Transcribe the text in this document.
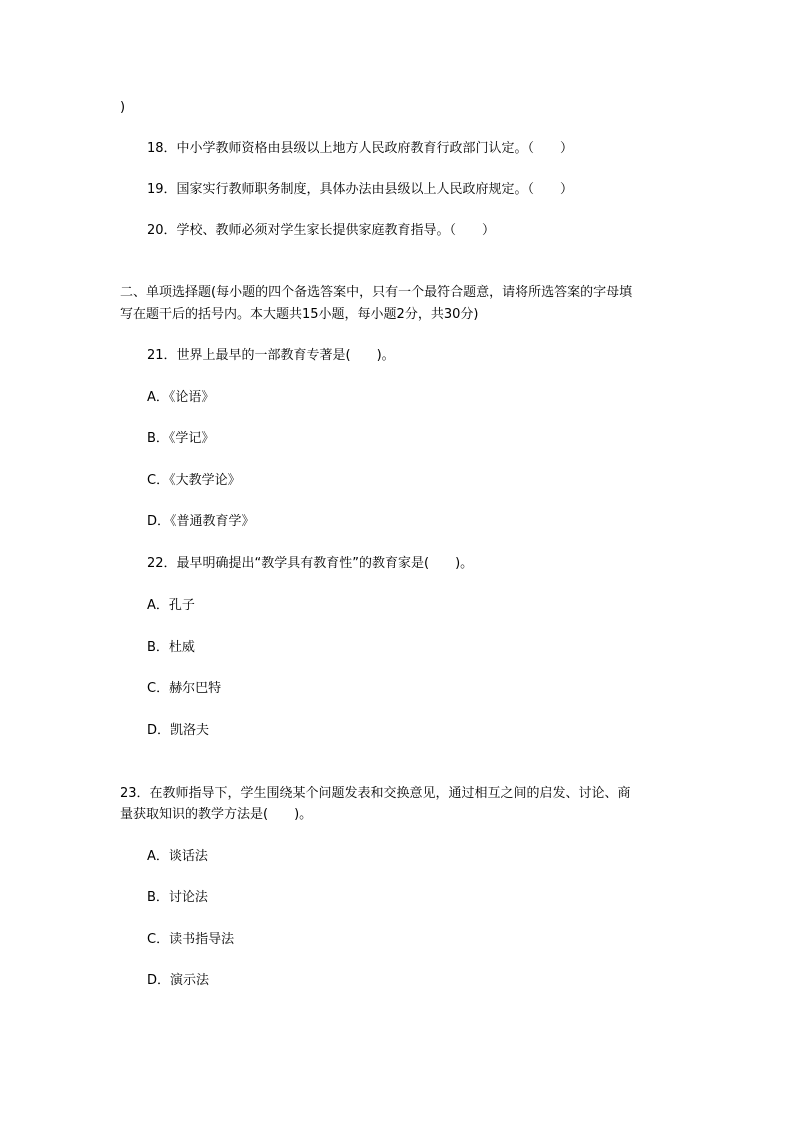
)
18．中小学教师资格由县级以上地方人民政府教育行政部门认定。（　　）
19．国家实行教师职务制度，具体办法由县级以上人民政府规定。（　　）
20．学校、教师必须对学生家长提供家庭教育指导。（　　）
二、单项选择题(每小题的四个备选答案中，只有一个最符合题意，请将所选答案的字母填
写在题干后的括号内。本大题共15小题，每小题2分，共30分)
21．世界上最早的一部教育专著是(　　)。
A．《论语》
B．《学记》
C．《大教学论》
D．《普通教育学》
22．最早明确提出“教学具有教育性”的教育家是(　　)。
A．孔子
B．杜威
C．赫尔巴特
D．凯洛夫
23．在教师指导下，学生围绕某个问题发表和交换意见，通过相互之间的启发、讨论、商
量获取知识的教学方法是(　　)。
A．谈话法
B．讨论法
C．读书指导法
D．演示法
